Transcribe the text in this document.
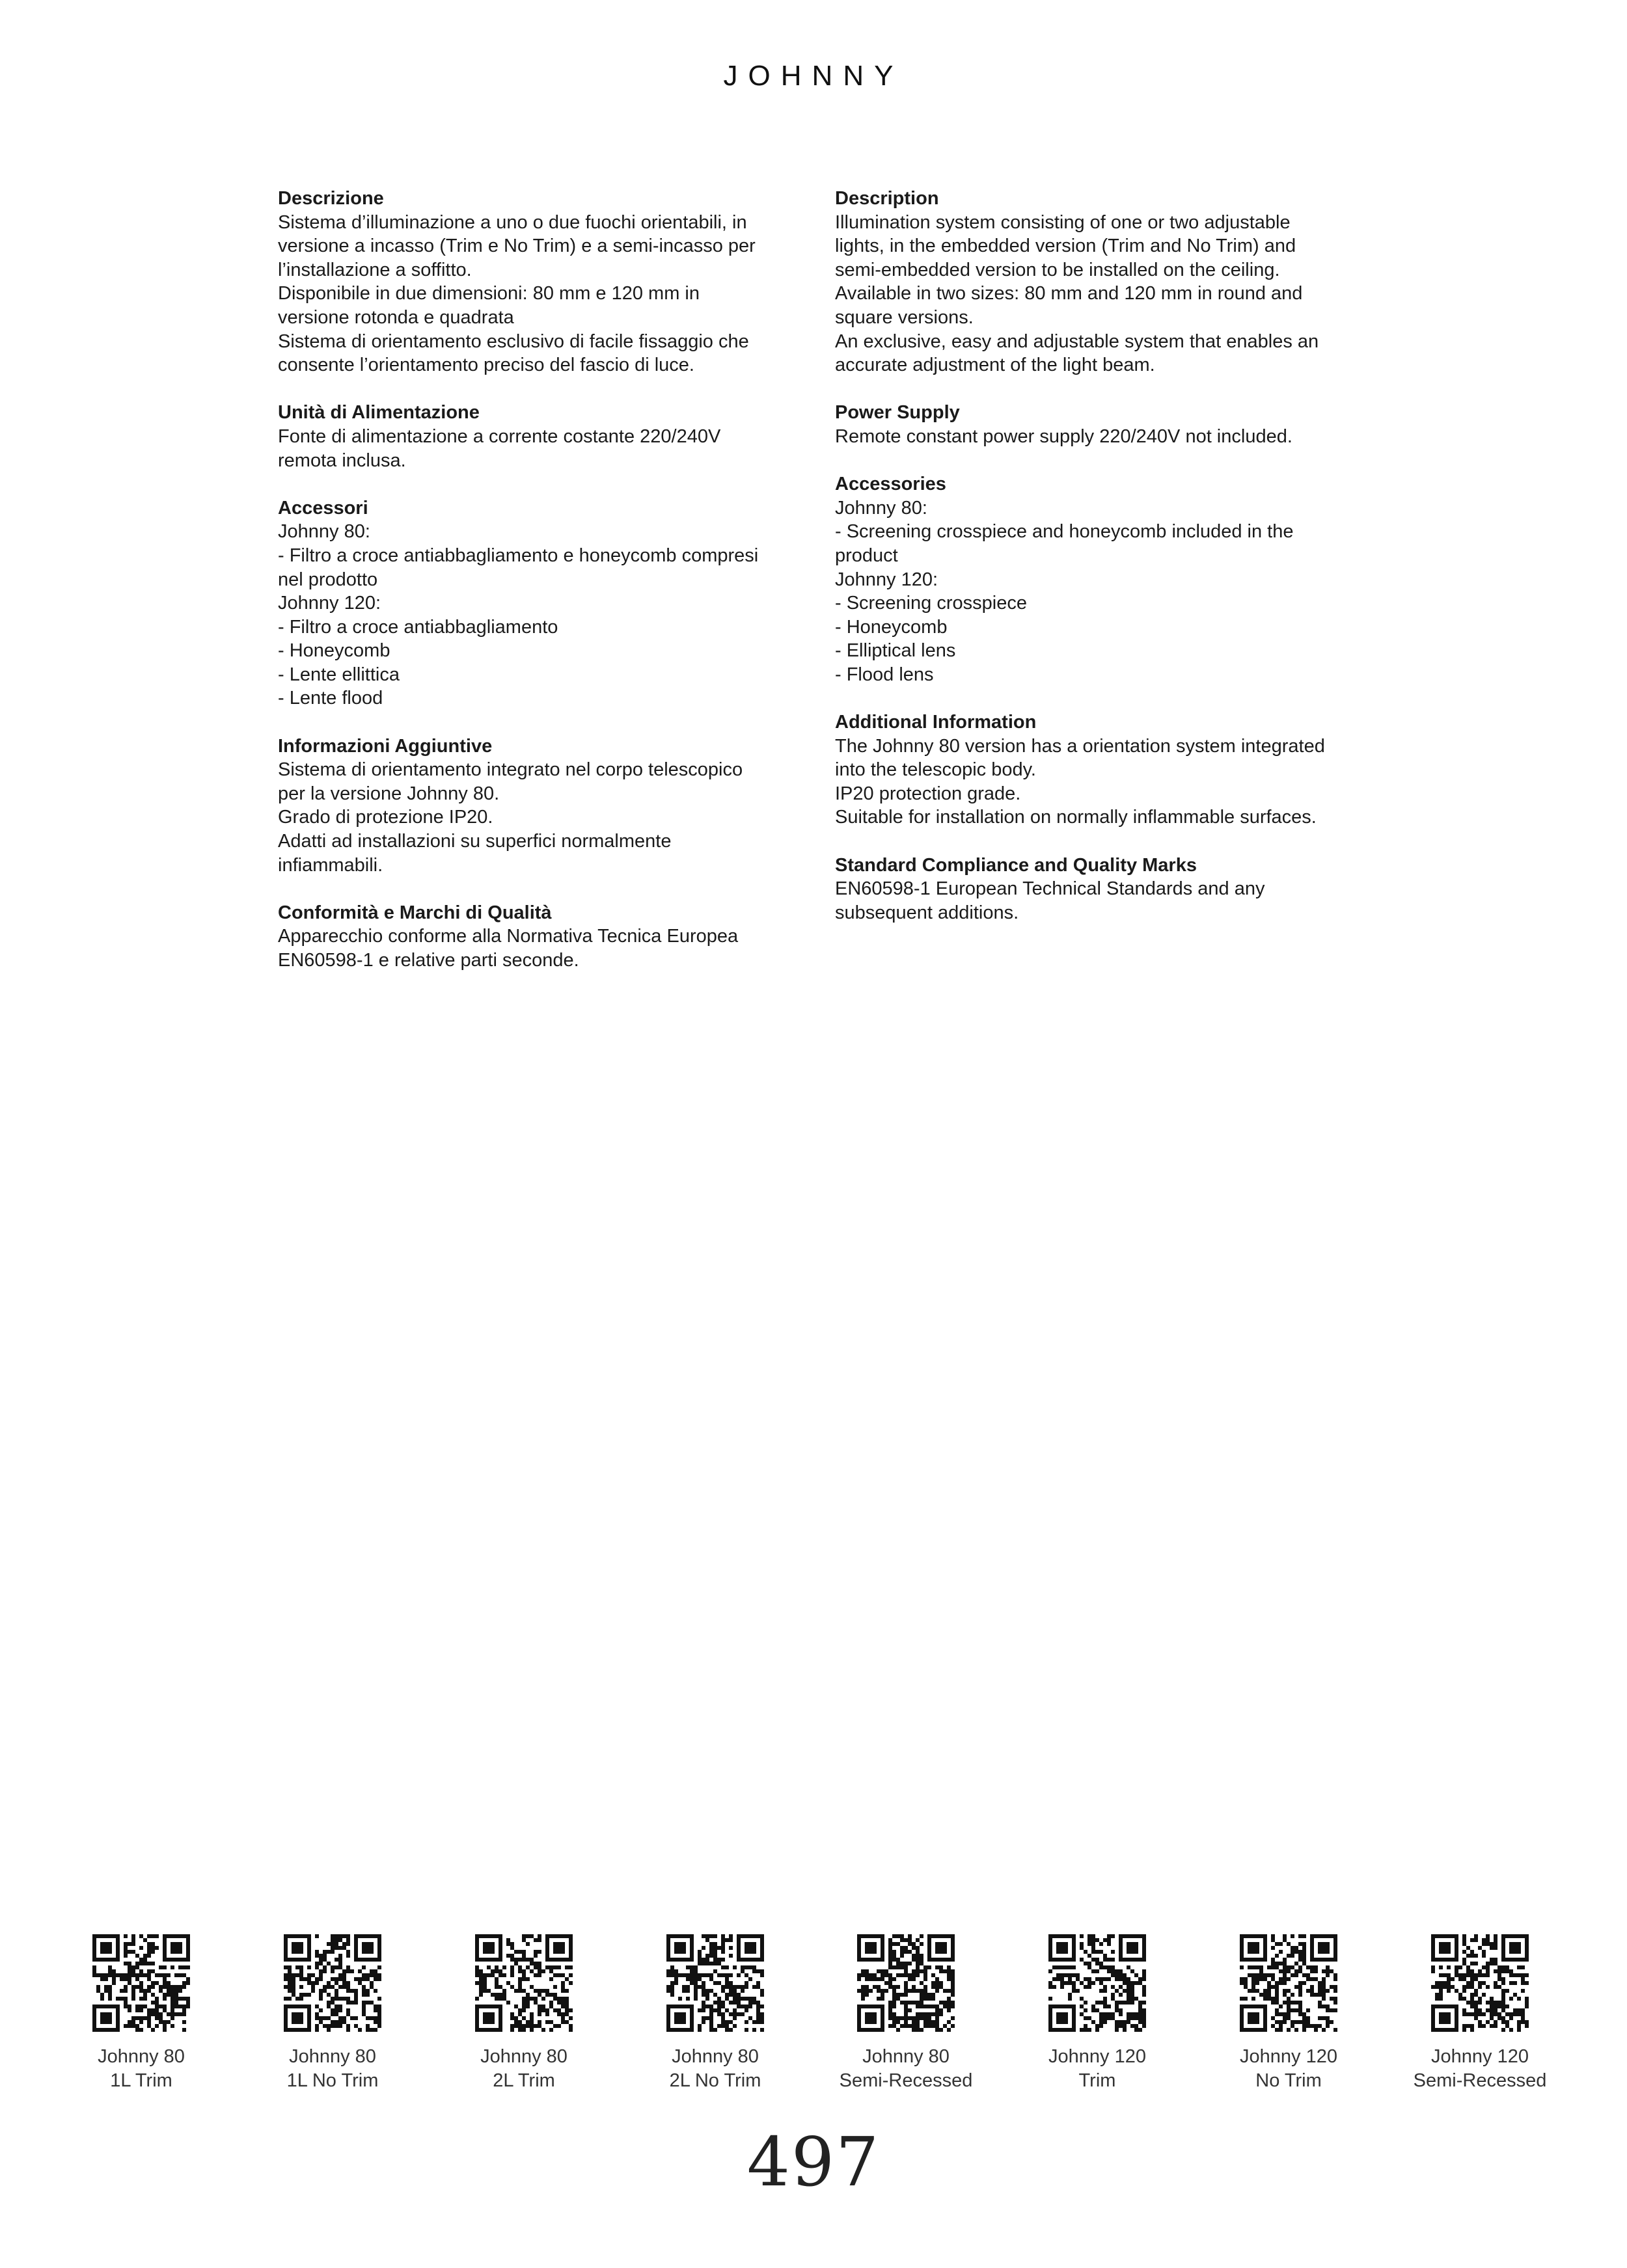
JOHNNY
Descrizione
Sistema d’illuminazione a uno o due fuochi orientabili, in
versione a incasso (Trim e No Trim) e a semi-incasso per
l’installazione a soffitto.
Disponibile in due dimensioni: 80 mm e 120 mm in
versione rotonda e quadrata
Sistema di orientamento esclusivo di facile fissaggio che
consente l’orientamento preciso del fascio di luce.
Unità di Alimentazione
Fonte di alimentazione a corrente costante 220/240V
remota inclusa.
Accessori
Johnny 80:
- Filtro a croce antiabbagliamento e honeycomb compresi
nel prodotto
Johnny 120:
- Filtro a croce antiabbagliamento
- Honeycomb
- Lente ellittica
- Lente flood
Informazioni Aggiuntive
Sistema di orientamento integrato nel corpo telescopico
per la versione Johnny 80.
Grado di protezione IP20.
Adatti ad installazioni su superfici normalmente
infiammabili.
Conformità e Marchi di Qualità
Apparecchio conforme alla Normativa Tecnica Europea
EN60598-1 e relative parti seconde.
Description
Illumination system consisting of one or two adjustable
lights, in the embedded version (Trim and No Trim) and
semi-embedded version to be installed on the ceiling.
Available in two sizes: 80 mm and 120 mm in round and
square versions.
An exclusive, easy and adjustable system that enables an
accurate adjustment of the light beam.
Power Supply
Remote constant power supply 220/240V not included.
Accessories
Johnny 80:
- Screening crosspiece and honeycomb included in the
product
Johnny 120:
- Screening crosspiece
- Honeycomb
- Elliptical lens
- Flood lens
Additional Information
The Johnny 80 version has a orientation system integrated
into the telescopic body.
IP20 protection grade.
Suitable for installation on normally inflammable surfaces.
Standard Compliance and Quality Marks
EN60598-1 European Technical Standards and any
subsequent additions.
Johnny 80
1L Trim
Johnny 80
1L No Trim
Johnny 80
2L Trim
Johnny 80
2L No Trim
Johnny 80
Semi-Recessed
Johnny 120
Trim
Johnny 120
No Trim
Johnny 120
Semi-Recessed
497
